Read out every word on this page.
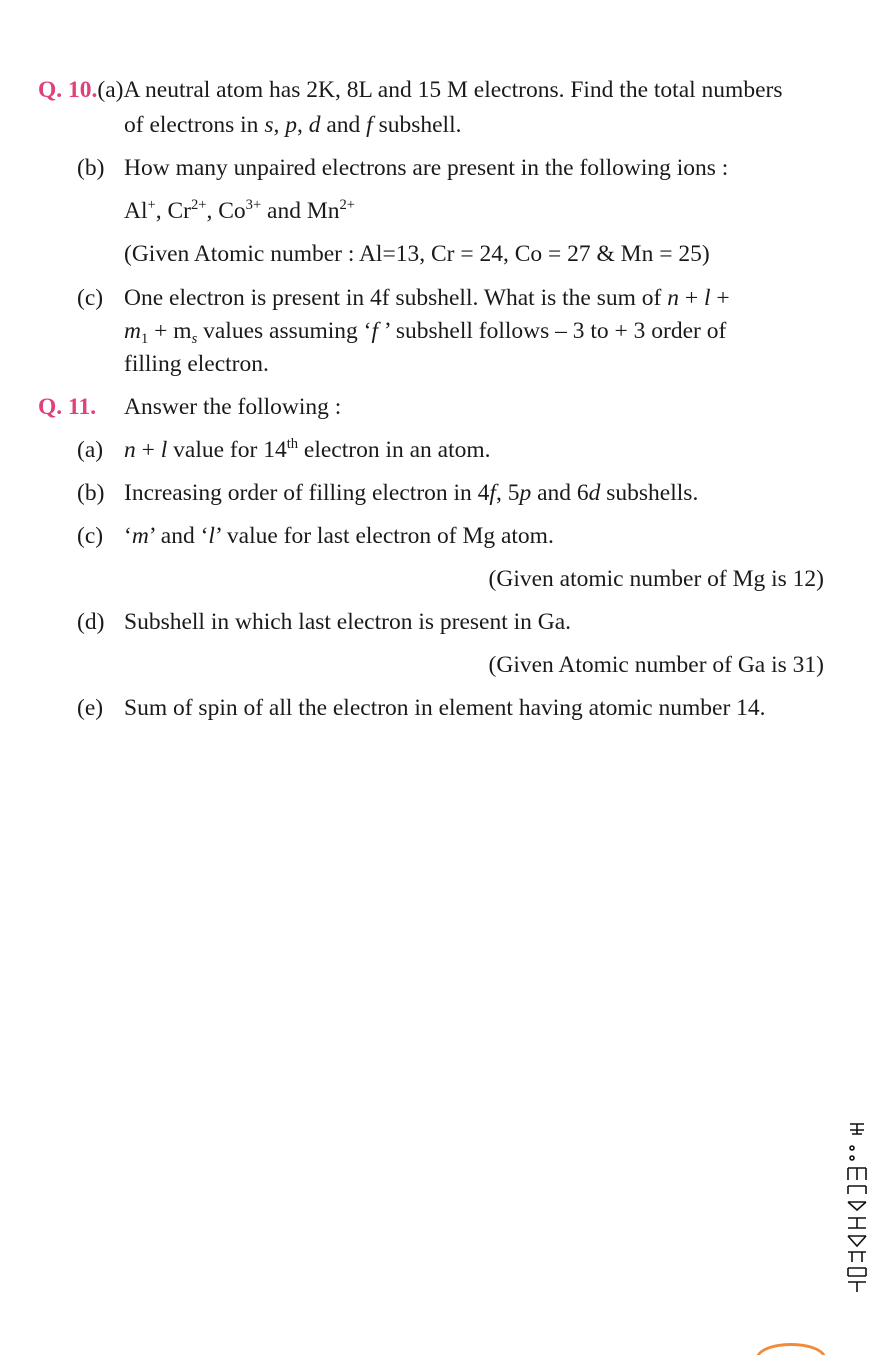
Q. 10.(a)A neutral atom has 2K, 8L and 15 M electrons. Find the total numbers
of electrons in s, p, d and f subshell.
(b) How many unpaired electrons are present in the following ions :
Al+, $Cr^{2+}$, $Co^{3+}$ and $Mn^{2+}$
(Given Atomic number : Al=13, Cr = 24, Co = 27 & Mn = 25)
(c) One electron is present in 4f subshell. What is the sum of n + l +
$m_1 + m_s$ values assuming ‘f ’ subshell follows – 3 to + 3 order of
filling electron.
Q. 11. Answer the following :
(a) n + l value for 14th electron in an atom.
(b) Increasing order of filling electron in 4f, 5p and 6d subshells.
(c) ‘m’ and ‘l’ value for last electron of Mg atom.
(Given atomic number of Mg is 12)
(d) Subshell in which last electron is present in Ga.
(Given Atomic number of Ga is 31)
(e) Sum of spin of all the electron in element having atomic number 14.
